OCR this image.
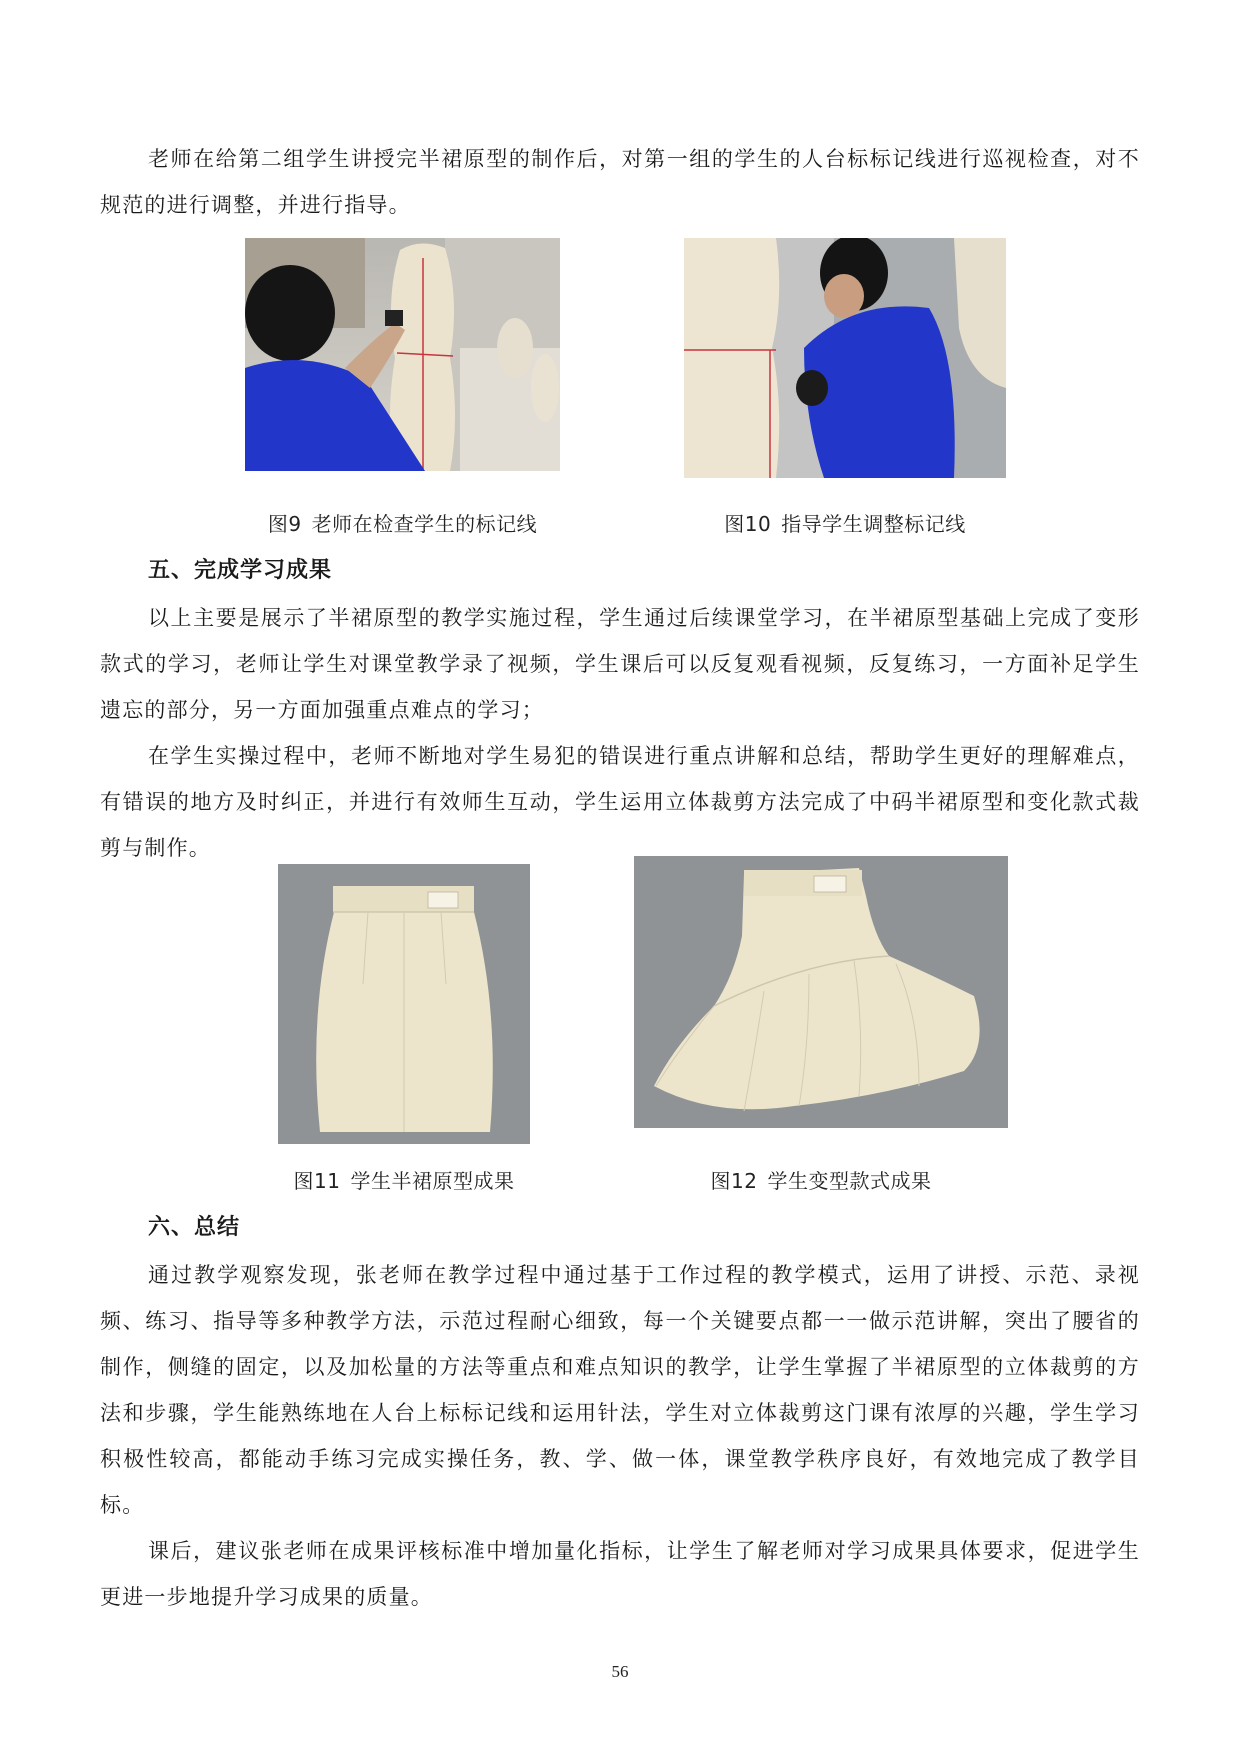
老师在给第二组学生讲授完半裙原型的制作后，对第一组的学生的人台标标记线进行巡视检查，对不规范的进行调整，并进行指导。

图9 老师在检查学生的标记线	图10 指导学生调整标记线
五、完成学习成果

以上主要是展示了半裙原型的教学实施过程，学生通过后续课堂学习，在半裙原型基础上完成了变形款式的学习，老师让学生对课堂教学录了视频，学生课后可以反复观看视频，反复练习，一方面补足学生遗忘的部分，另一方面加强重点难点的学习；

在学生实操过程中，老师不断地对学生易犯的错误进行重点讲解和总结，帮助学生更好的理解难点，有错误的地方及时纠正，并进行有效师生互动，学生运用立体裁剪方法完成了中码半裙原型和变化款式裁剪与制作。

图11 学生半裙原型成果	图12 学生变型款式成果
六、总结

通过教学观察发现，张老师在教学过程中通过基于工作过程的教学模式，运用了讲授、示范、录视频、练习、指导等多种教学方法，示范过程耐心细致，每一个关键要点都一一做示范讲解，突出了腰省的制作，侧缝的固定，以及加松量的方法等重点和难点知识的教学，让学生掌握了半裙原型的立体裁剪的方法和步骤，学生能熟练地在人台上标标记线和运用针法，学生对立体裁剪这门课有浓厚的兴趣，学生学习积极性较高，都能动手练习完成实操任务，教、学、做一体，课堂教学秩序良好，有效地完成了教学目标。

课后，建议张老师在成果评核标准中增加量化指标，让学生了解老师对学习成果具体要求，促进学生更进一步地提升学习成果的质量。

56
